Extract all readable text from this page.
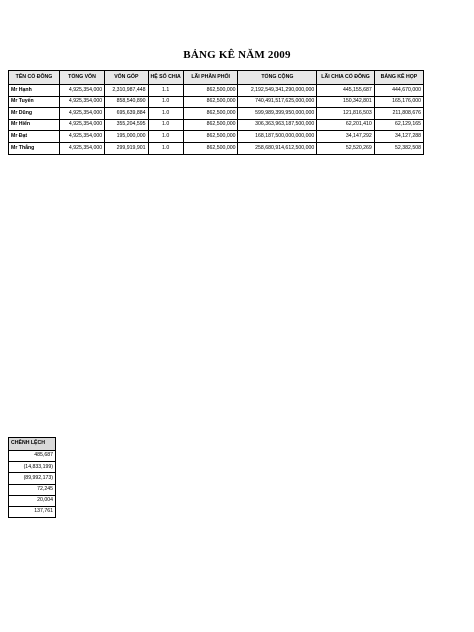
BẢNG KÊ NĂM 2009
TÊN CỔ ĐÔNG	TỔNG VỐN	VỐN GÓP	HỆ SỐ CHIA	LÃI PHÂN PHỐI	TỔNG CỘNG	LÃI CHIA CỔ ĐÔNG	BẢNG KÊ HỌP
Mr Hạnh	4,925,354,000	2,310,987,448	1.1	862,500,000	2,192,549,341,290,000,000	445,155,687	444,670,000
Mr Tuyến	4,925,354,000	858,540,890	1.0	862,500,000	740,491,517,625,000,000	150,342,801	165,176,000
Mr Dũng	4,925,354,000	695,639,884	1.0	862,500,000	599,989,399,950,000,000	121,816,503	211,808,676
Mr Hiển	4,925,354,000	355,204,595	1.0	862,500,000	306,363,963,187,500,000	62,201,410	62,129,165
Mr Đạt	4,925,354,000	195,000,000	1.0	862,500,000	168,187,500,000,000,000	34,147,292	34,127,288
Mr Thắng	4,925,354,000	299,919,901	1.0	862,500,000	258,680,914,612,500,000	52,520,269	52,382,508
CHÊNH LỆCH
485,687
(14,833,199)
(89,992,173)
72,245
20,004
137,761
